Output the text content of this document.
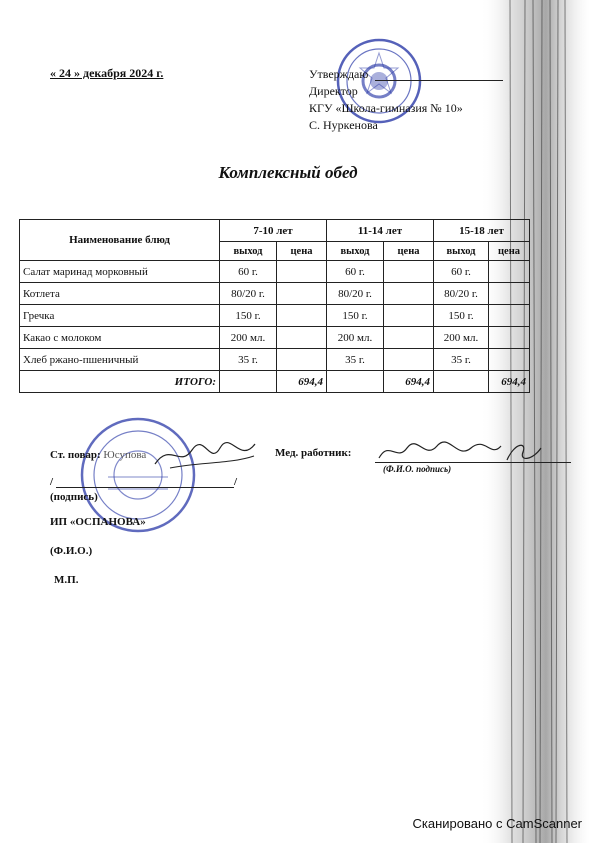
« 24 » декабря 2024 г.	Утверждаю
Директор
КГУ «Школа-гимназия № 10»
С. Нуркенова
Комплексный обед
Наименование блюд	7-10 лет		11-14 лет		15-18 лет	
	выход	цена	выход	цена	выход	цена
Салат маринад морковный	60 г.		60 г.		60 г.	
Котлета	80/20 г.		80/20 г.		80/20 г.	
Гречка	150 г.		150 г.		150 г.	
Какао с молоком	200 мл.		200 мл.		200 мл.	
Хлеб ржано-пшеничный	35 г.		35 г.		35 г.	
ИТОГО:		694,4		694,4		694,4
Ст. повар: Юсупова
/	/
(подпись)
ИП «ОСПАНОВА»
(Ф.И.О.)
М.П.
Мед. работник:
(Ф.И.О. подпись)
Сканировано с CamScanner
